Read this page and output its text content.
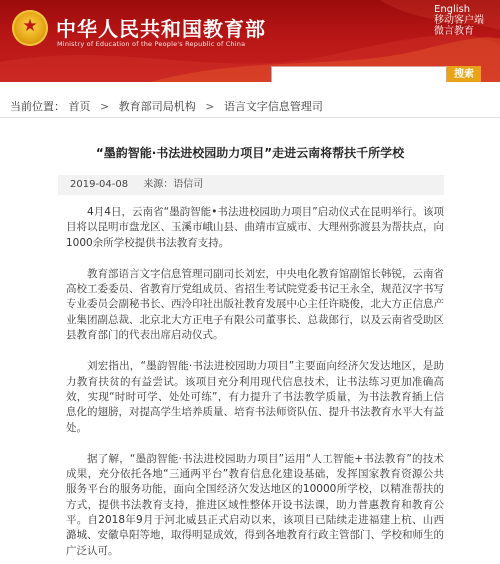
★
中华人民共和国教育部
Ministry of Education of the People's Republic of China
English
移动客户端
微言教育
搜索
当前位置： 首页 > 教育部司局机构 > 语言文字信息管理司
“墨韵智能·书法进校园助力项目”走进云南将帮扶千所学校
2019-04-08 来源：语信司

4月4日，云南省“墨韵智能•书法进校园助力项目”启动仪式在昆明举行。该项目将以昆明市盘龙区、玉溪市峨山县、曲靖市宣威市、大理州弥渡县为帮扶点，向1000余所学校提供书法教育支持。

教育部语言文字信息管理司副司长刘宏，中央电化教育馆副馆长韩锐，云南省高校工委委员、省教育厅党组成员、省招生考试院党委书记王永全，规范汉字书写专业委员会副秘书长、西泠印社出版社教育发展中心主任许晓俊，北大方正信息产业集团副总裁、北京北大方正电子有限公司董事长、总裁郎行，以及云南省受助区县教育部门的代表出席启动仪式。

刘宏指出，“墨韵智能·书法进校园助力项目”主要面向经济欠发达地区，是助力教育扶贫的有益尝试。该项目充分利用现代信息技术，让书法练习更加准确高效，实现“时时可学、处处可练”，有力提升了书法教学质量，为书法教育插上信息化的翅膀，对提高学生培养质量、培育书法师资队伍、提升书法教育水平大有益处。

据了解，“墨韵智能·书法进校园助力项目”运用“人工智能+书法教育”的技术成果，充分依托各地“三通两平台”教育信息化建设基础，发挥国家教育资源公共服务平台的服务功能，面向全国经济欠发达地区的10000所学校，以精准帮扶的方式，提供书法教育支持，推进区域性整体开设书法课，助力普惠教育和教育公平。自2018年9月于河北威县正式启动以来，该项目已陆续走进福建上杭、山西潞城、安徽阜阳等地，取得明显成效，得到各地教育行政主管部门、学校和师生的广泛认可。
